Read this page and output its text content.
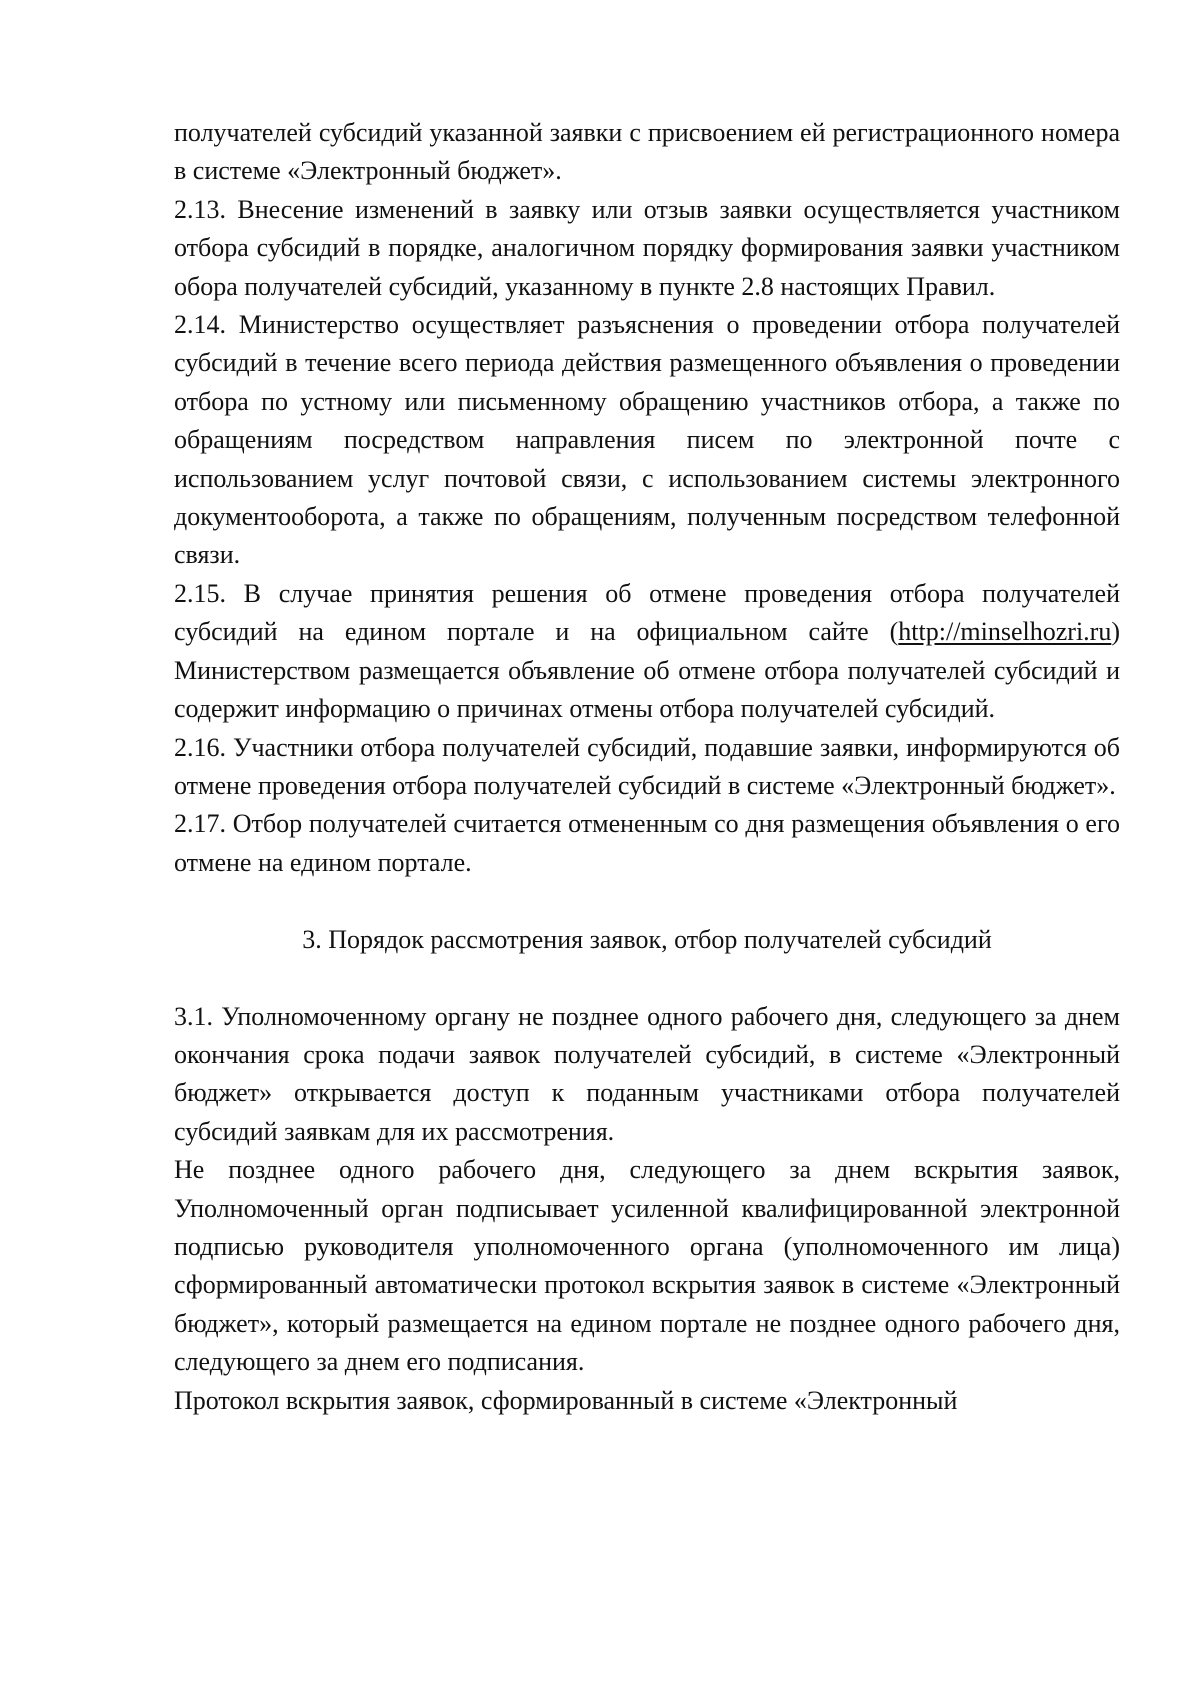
получателей субсидий указанной заявки с присвоением ей регистрационного номера в системе «Электронный бюджет».

2.13. Внесение изменений в заявку или отзыв заявки осуществляется участником отбора субсидий в порядке, аналогичном порядку формирования заявки участником обора получателей субсидий, указанному в пункте 2.8 настоящих Правил.

2.14. Министерство осуществляет разъяснения о проведении отбора получателей субсидий в течение всего периода действия размещенного объявления о проведении отбора по устному или письменному обращению участников отбора, а также по обращениям посредством направления писем по электронной почте с использованием услуг почтовой связи, с использованием системы электронного документооборота, а также по обращениям, полученным посредством телефонной связи.

2.15. В случае принятия решения об отмене проведения отбора получателей субсидий на едином портале и на официальном сайте (http://minselhozri.ru) Министерством размещается объявление об отмене отбора получателей субсидий и содержит информацию о причинах отмены отбора получателей субсидий.

2.16. Участники отбора получателей субсидий, подавшие заявки, информируются об отмене проведения отбора получателей субсидий в системе «Электронный бюджет».

2.17. Отбор получателей считается отмененным со дня размещения объявления о его отмене на едином портале.

3. Порядок рассмотрения заявок, отбор получателей субсидий

3.1. Уполномоченному органу не позднее одного рабочего дня, следующего за днем окончания срока подачи заявок получателей субсидий, в системе «Электронный бюджет» открывается доступ к поданным участниками отбора получателей субсидий заявкам для их рассмотрения.

Не позднее одного рабочего дня, следующего за днем вскрытия заявок, Уполномоченный орган подписывает усиленной квалифицированной электронной подписью руководителя уполномоченного органа (уполномоченного им лица) сформированный автоматически протокол вскрытия заявок в системе «Электронный бюджет», который размещается на едином портале не позднее одного рабочего дня, следующего за днем его подписания.

Протокол вскрытия заявок, сформированный в системе «Электронный
